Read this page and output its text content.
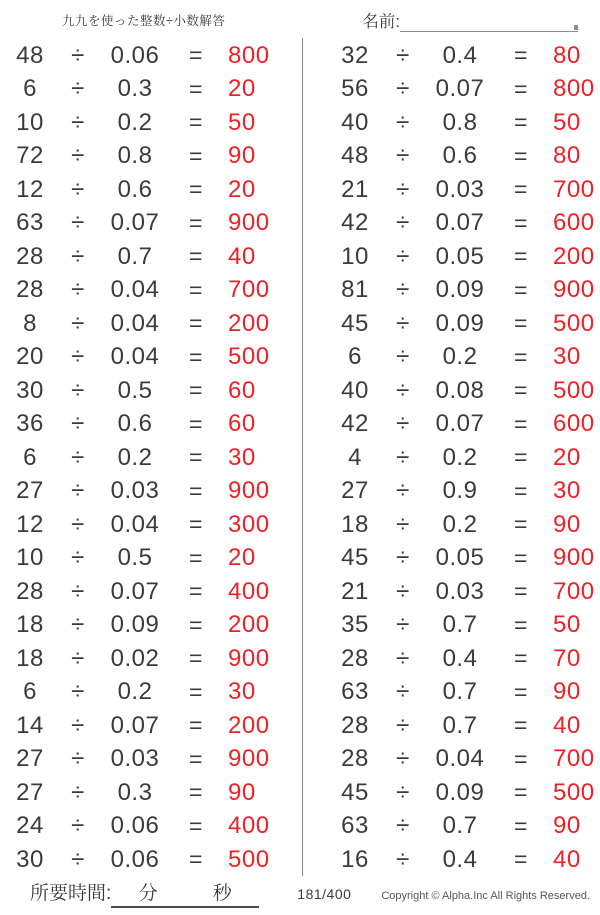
九九を使った整数÷小数解答	名前:
48	÷	0.06	=	800
6	÷	0.3	=	20
10	÷	0.2	=	50
72	÷	0.8	=	90
12	÷	0.6	=	20
63	÷	0.07	=	900
28	÷	0.7	=	40
28	÷	0.04	=	700
8	÷	0.04	=	200
20	÷	0.04	=	500
30	÷	0.5	=	60
36	÷	0.6	=	60
6	÷	0.2	=	30
27	÷	0.03	=	900
12	÷	0.04	=	300
10	÷	0.5	=	20
28	÷	0.07	=	400
18	÷	0.09	=	200
18	÷	0.02	=	900
6	÷	0.2	=	30
14	÷	0.07	=	200
27	÷	0.03	=	900
27	÷	0.3	=	90
24	÷	0.06	=	400
30	÷	0.06	=	500
32	÷	0.4	=	80
56	÷	0.07	=	800
40	÷	0.8	=	50
48	÷	0.6	=	80
21	÷	0.03	=	700
42	÷	0.07	=	600
10	÷	0.05	=	200
81	÷	0.09	=	900
45	÷	0.09	=	500
6	÷	0.2	=	30
40	÷	0.08	=	500
42	÷	0.07	=	600
4	÷	0.2	=	20
27	÷	0.9	=	30
18	÷	0.2	=	90
45	÷	0.05	=	900
21	÷	0.03	=	700
35	÷	0.7	=	50
28	÷	0.4	=	70
63	÷	0.7	=	90
28	÷	0.7	=	40
28	÷	0.04	=	700
45	÷	0.09	=	500
63	÷	0.7	=	90
16	÷	0.4	=	40
所要時間: 分	秒	181/400	Copyright © Alpha.Inc All Rights Reserved.
